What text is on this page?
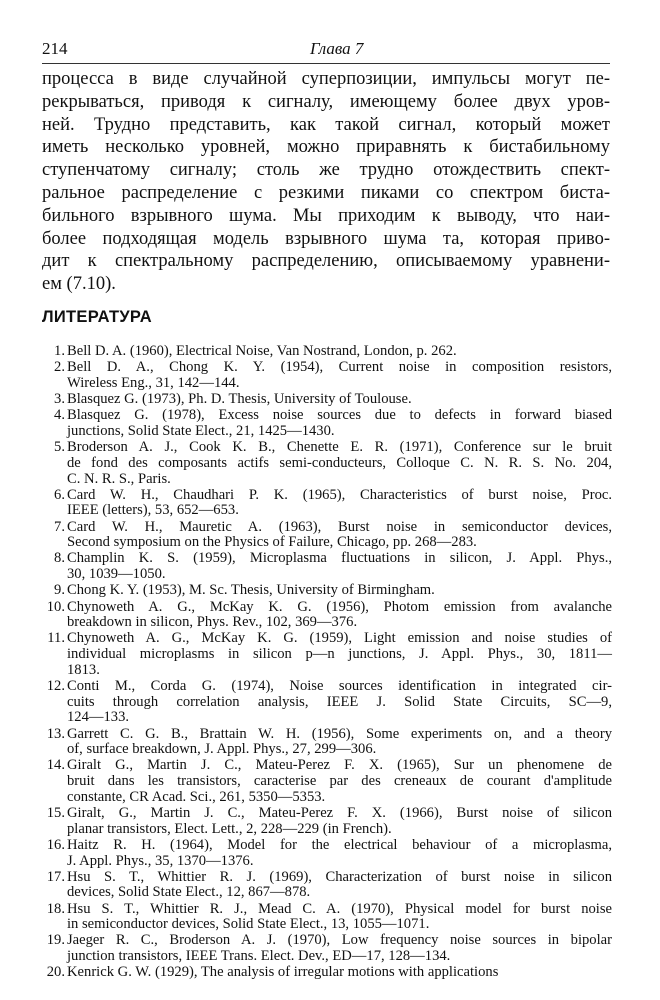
214	Глава 7
процесса в виде случайной суперпозиции, импульсы могут пе-
рекрываться, приводя к сигналу, имеющему более двух уров-
ней. Трудно представить, как такой сигнал, который может
иметь несколько уровней, можно приравнять к бистабильному
ступенчатому сигналу; столь же трудно отождествить спект-
ральное распределение с резкими пиками со спектром биста-
бильного взрывного шума. Мы приходим к выводу, что наи-
более подходящая модель взрывного шума та, которая приво-
дит к спектральному распределению, описываемому уравнени-
ем (7.10).
ЛИТЕРАТУРА
1. Bell D. A. (1960), Electrical Noise, Van Nostrand, London, p. 262.
2. Bell D. A., Chong K. Y. (1954), Current noise in composition resistors,
Wireless Eng., 31, 142—144.
3. Blasquez G. (1973), Ph. D. Thesis, University of Toulouse.
4. Blasquez G. (1978), Excess noise sources due to defects in forward biased
junctions, Solid State Elect., 21, 1425—1430.
5. Broderson A. J., Cook K. B., Chenette E. R. (1971), Conference sur le bruit
de fond des composants actifs semi-conducteurs, Colloque C. N. R. S. No. 204,
C. N. R. S., Paris.
6. Card W. H., Chaudhari P. K. (1965), Characteristics of burst noise, Proc.
IEEE (letters), 53, 652—653.
7. Card W. H., Mauretic A. (1963), Burst noise in semiconductor devices,
Second symposium on the Physics of Failure, Chicago, pp. 268—283.
8. Champlin K. S. (1959), Microplasma fluctuations in silicon, J. Appl. Phys.,
30, 1039—1050.
9. Chong K. Y. (1953), M. Sc. Thesis, University of Birmingham.
10. Chynoweth A. G., McKay K. G. (1956), Photom emission from avalanche
breakdown in silicon, Phys. Rev., 102, 369—376.
11. Chynoweth A. G., McKay K. G. (1959), Light emission and noise studies of
individual microplasms in silicon p—n junctions, J. Appl. Phys., 30, 1811—
1813.
12. Conti M., Corda G. (1974), Noise sources identification in integrated cir-
cuits through correlation analysis, IEEE J. Solid State Circuits, SC—9,
124—133.
13. Garrett C. G. B., Brattain W. H. (1956), Some experiments on, and a theory
of, surface breakdown, J. Appl. Phys., 27, 299—306.
14. Giralt G., Martin J. C., Mateu-Perez F. X. (1965), Sur un phenomene de
bruit dans les transistors, caracterise par des creneaux de courant d'amplitude
constante, CR Acad. Sci., 261, 5350—5353.
15. Giralt, G., Martin J. C., Mateu-Perez F. X. (1966), Burst noise of silicon
planar transistors, Elect. Lett., 2, 228—229 (in French).
16. Haitz R. H. (1964), Model for the electrical behaviour of a microplasma,
J. Appl. Phys., 35, 1370—1376.
17. Hsu S. T., Whittier R. J. (1969), Characterization of burst noise in silicon
devices, Solid State Elect., 12, 867—878.
18. Hsu S. T., Whittier R. J., Mead C. A. (1970), Physical model for burst noise
in semiconductor devices, Solid State Elect., 13, 1055—1071.
19. Jaeger R. C., Broderson A. J. (1970), Low frequency noise sources in bipolar
junction transistors, IEEE Trans. Elect. Dev., ED—17, 128—134.
20. Kenrick G. W. (1929), The analysis of irregular motions with applications
